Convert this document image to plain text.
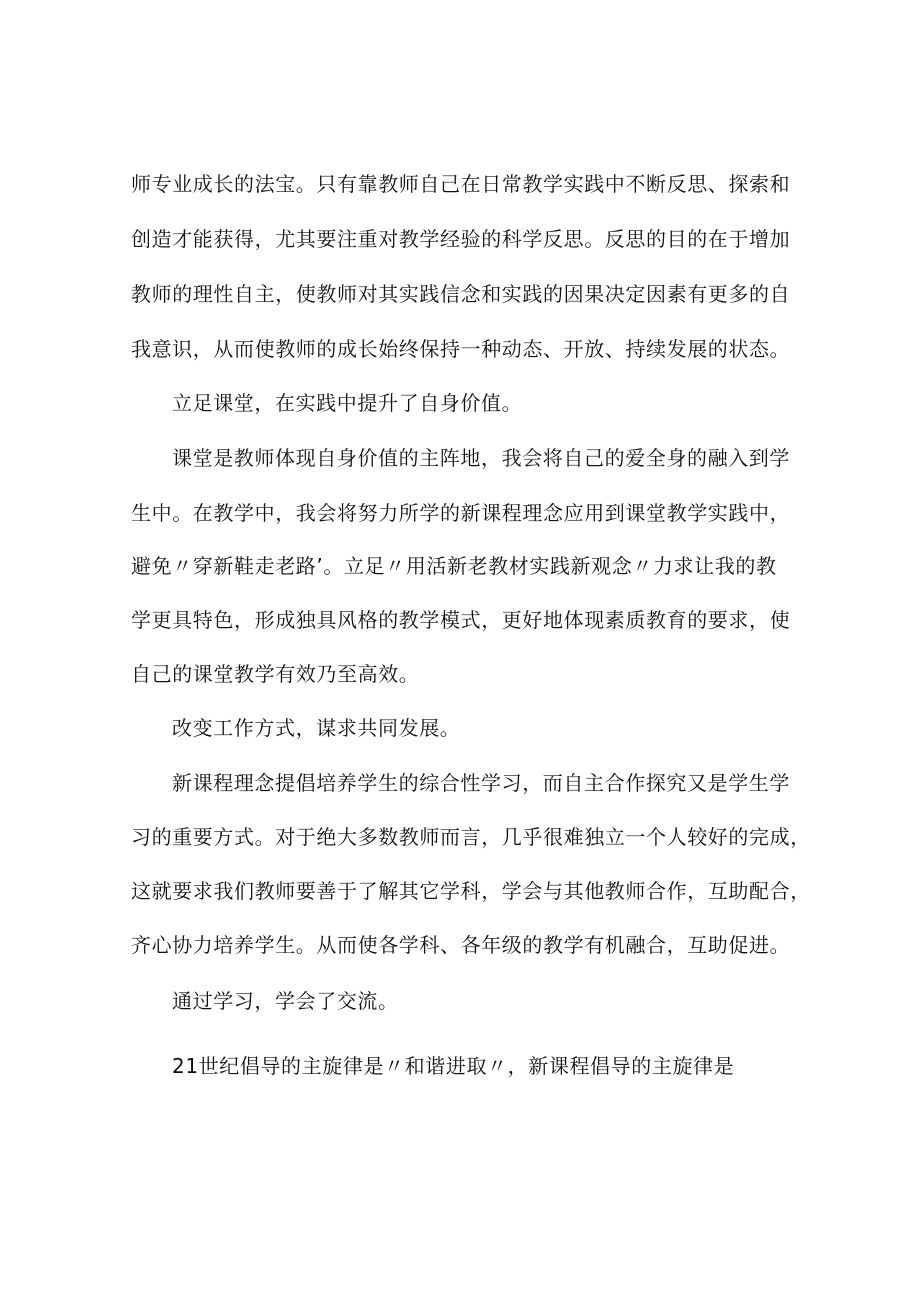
师专业成长的法宝。只有靠教师自己在日常教学实践中不断反思、探索和
创造才能获得，尤其要注重对教学经验的科学反思。反思的目的在于增加
教师的理性自主，使教师对其实践信念和实践的因果决定因素有更多的自
我意识，从而使教师的成长始终保持一种动态、开放、持续发展的状态。
立足课堂，在实践中提升了自身价值。
课堂是教师体现自身价值的主阵地，我会将自己的爱全身的融入到学
生中。在教学中，我会将努力所学的新课程理念应用到课堂教学实践中，
避免〃穿新鞋走老路’。立足〃用活新老教材实践新观念〃力求让我的教
学更具特色，形成独具风格的教学模式，更好地体现素质教育的要求，使
自己的课堂教学有效乃至高效。
改变工作方式，谋求共同发展。
新课程理念提倡培养学生的综合性学习，而自主合作探究又是学生学
习的重要方式。对于绝大多数教师而言，几乎很难独立一个人较好的完成，
这就要求我们教师要善于了解其它学科，学会与其他教师合作，互助配合，
齐心协力培养学生。从而使各学科、各年级的教学有机融合，互助促进。
通过学习，学会了交流。
21世纪倡导的主旋律是〃和谐进取〃，新课程倡导的主旋律是
